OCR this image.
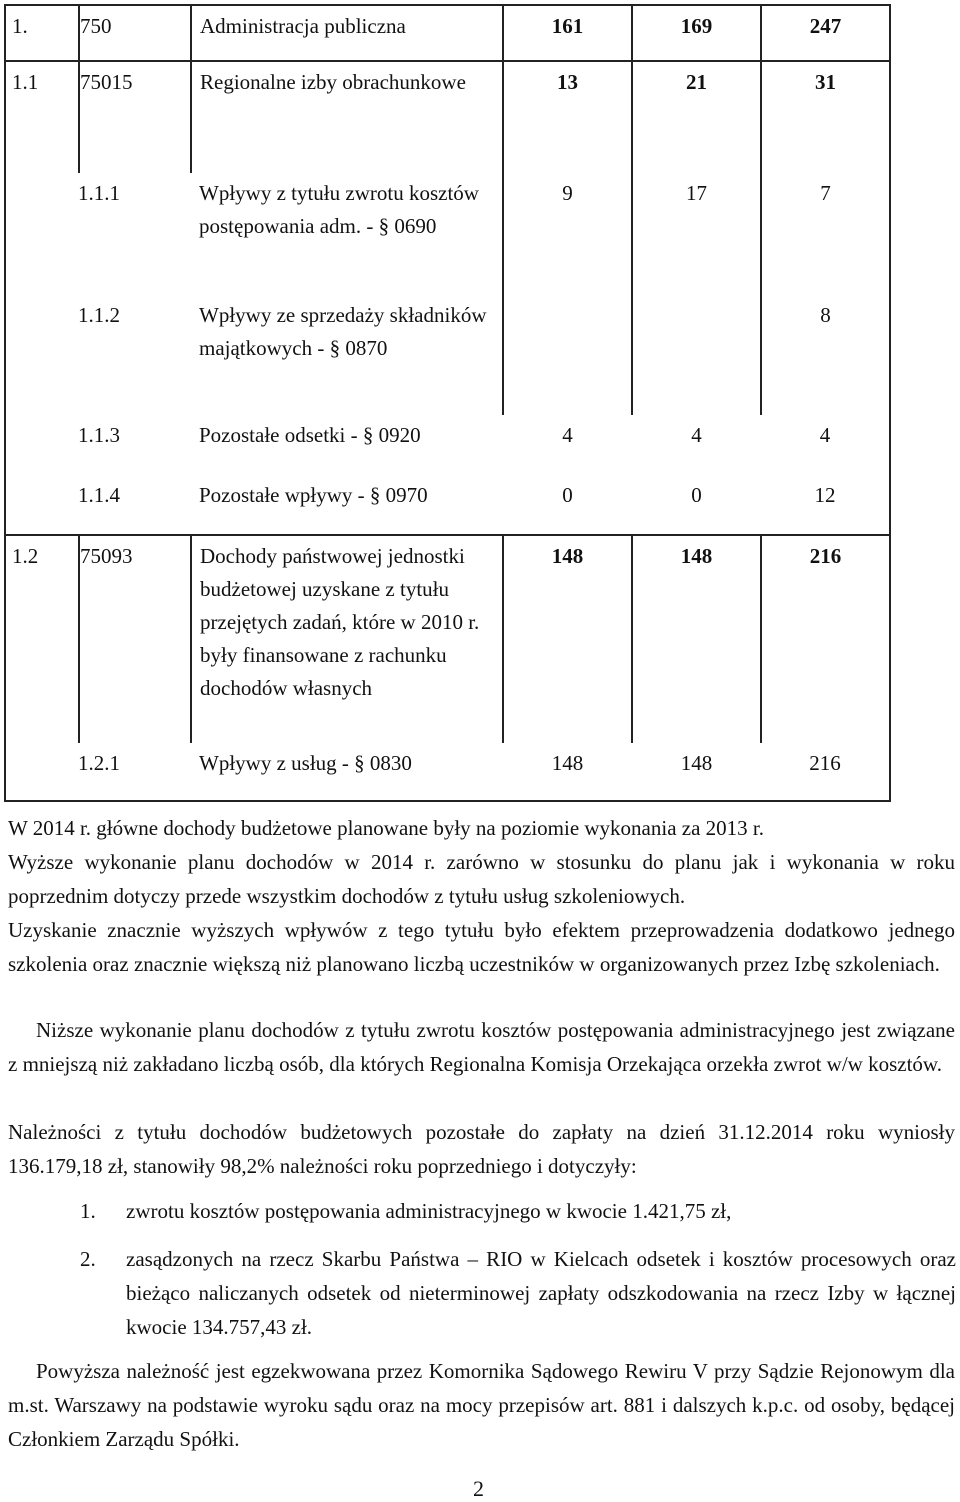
1.	750	Administracja publiczna	161	169	247
1.1	75015	Regionalne izby obrachunkowe	13	21	31
1.1.1		Wpływy z tytułu zwrotu kosztów postępowania adm. - § 0690	9	17	7
1.1.2		Wpływy ze sprzedaży składników majątkowych - § 0870			8
1.1.3		Pozostałe odsetki - § 0920	4	4	4
1.1.4		Pozostałe wpływy - § 0970	0	0	12
1.2	75093	Dochody państwowej jednostki budżetowej uzyskane z tytułu przejętych zadań, które w 2010 r. były finansowane z rachunku dochodów własnych	148	148	216
1.2.1		Wpływy z usług - § 0830	148	148	216
W 2014 r. główne dochody budżetowe planowane były na poziomie wykonania za 2013 r.
Wyższe wykonanie planu dochodów w 2014 r. zarówno w stosunku do planu jak i wykonania w roku poprzednim dotyczy przede wszystkim dochodów z tytułu usług szkoleniowych.
Uzyskanie znacznie wyższych wpływów z tego tytułu było efektem przeprowadzenia dodatkowo jednego szkolenia oraz znacznie większą niż planowano liczbą uczestników w organizowanych przez Izbę szkoleniach.
Niższe wykonanie planu dochodów z tytułu zwrotu kosztów postępowania administracyjnego jest związane z mniejszą niż zakładano liczbą osób, dla których Regionalna Komisja Orzekająca orzekła zwrot w/w kosztów.
Należności z tytułu dochodów budżetowych pozostałe do zapłaty na dzień 31.12.2014 roku wyniosły 136.179,18 zł, stanowiły 98,2% należności roku poprzedniego i dotyczyły:
1.	zwrotu kosztów postępowania administracyjnego w kwocie 1.421,75 zł,
2.	zasądzonych na rzecz Skarbu Państwa – RIO w Kielcach odsetek i kosztów procesowych oraz bieżąco naliczanych odsetek od nieterminowej zapłaty odszkodowania na rzecz Izby w łącznej kwocie 134.757,43 zł.
Powyższa należność jest egzekwowana przez Komornika Sądowego Rewiru V przy Sądzie Rejonowym dla m.st. Warszawy na podstawie wyroku sądu oraz na mocy przepisów art. 881 i dalszych k.p.c. od osoby, będącej Członkiem Zarządu Spółki.
2
